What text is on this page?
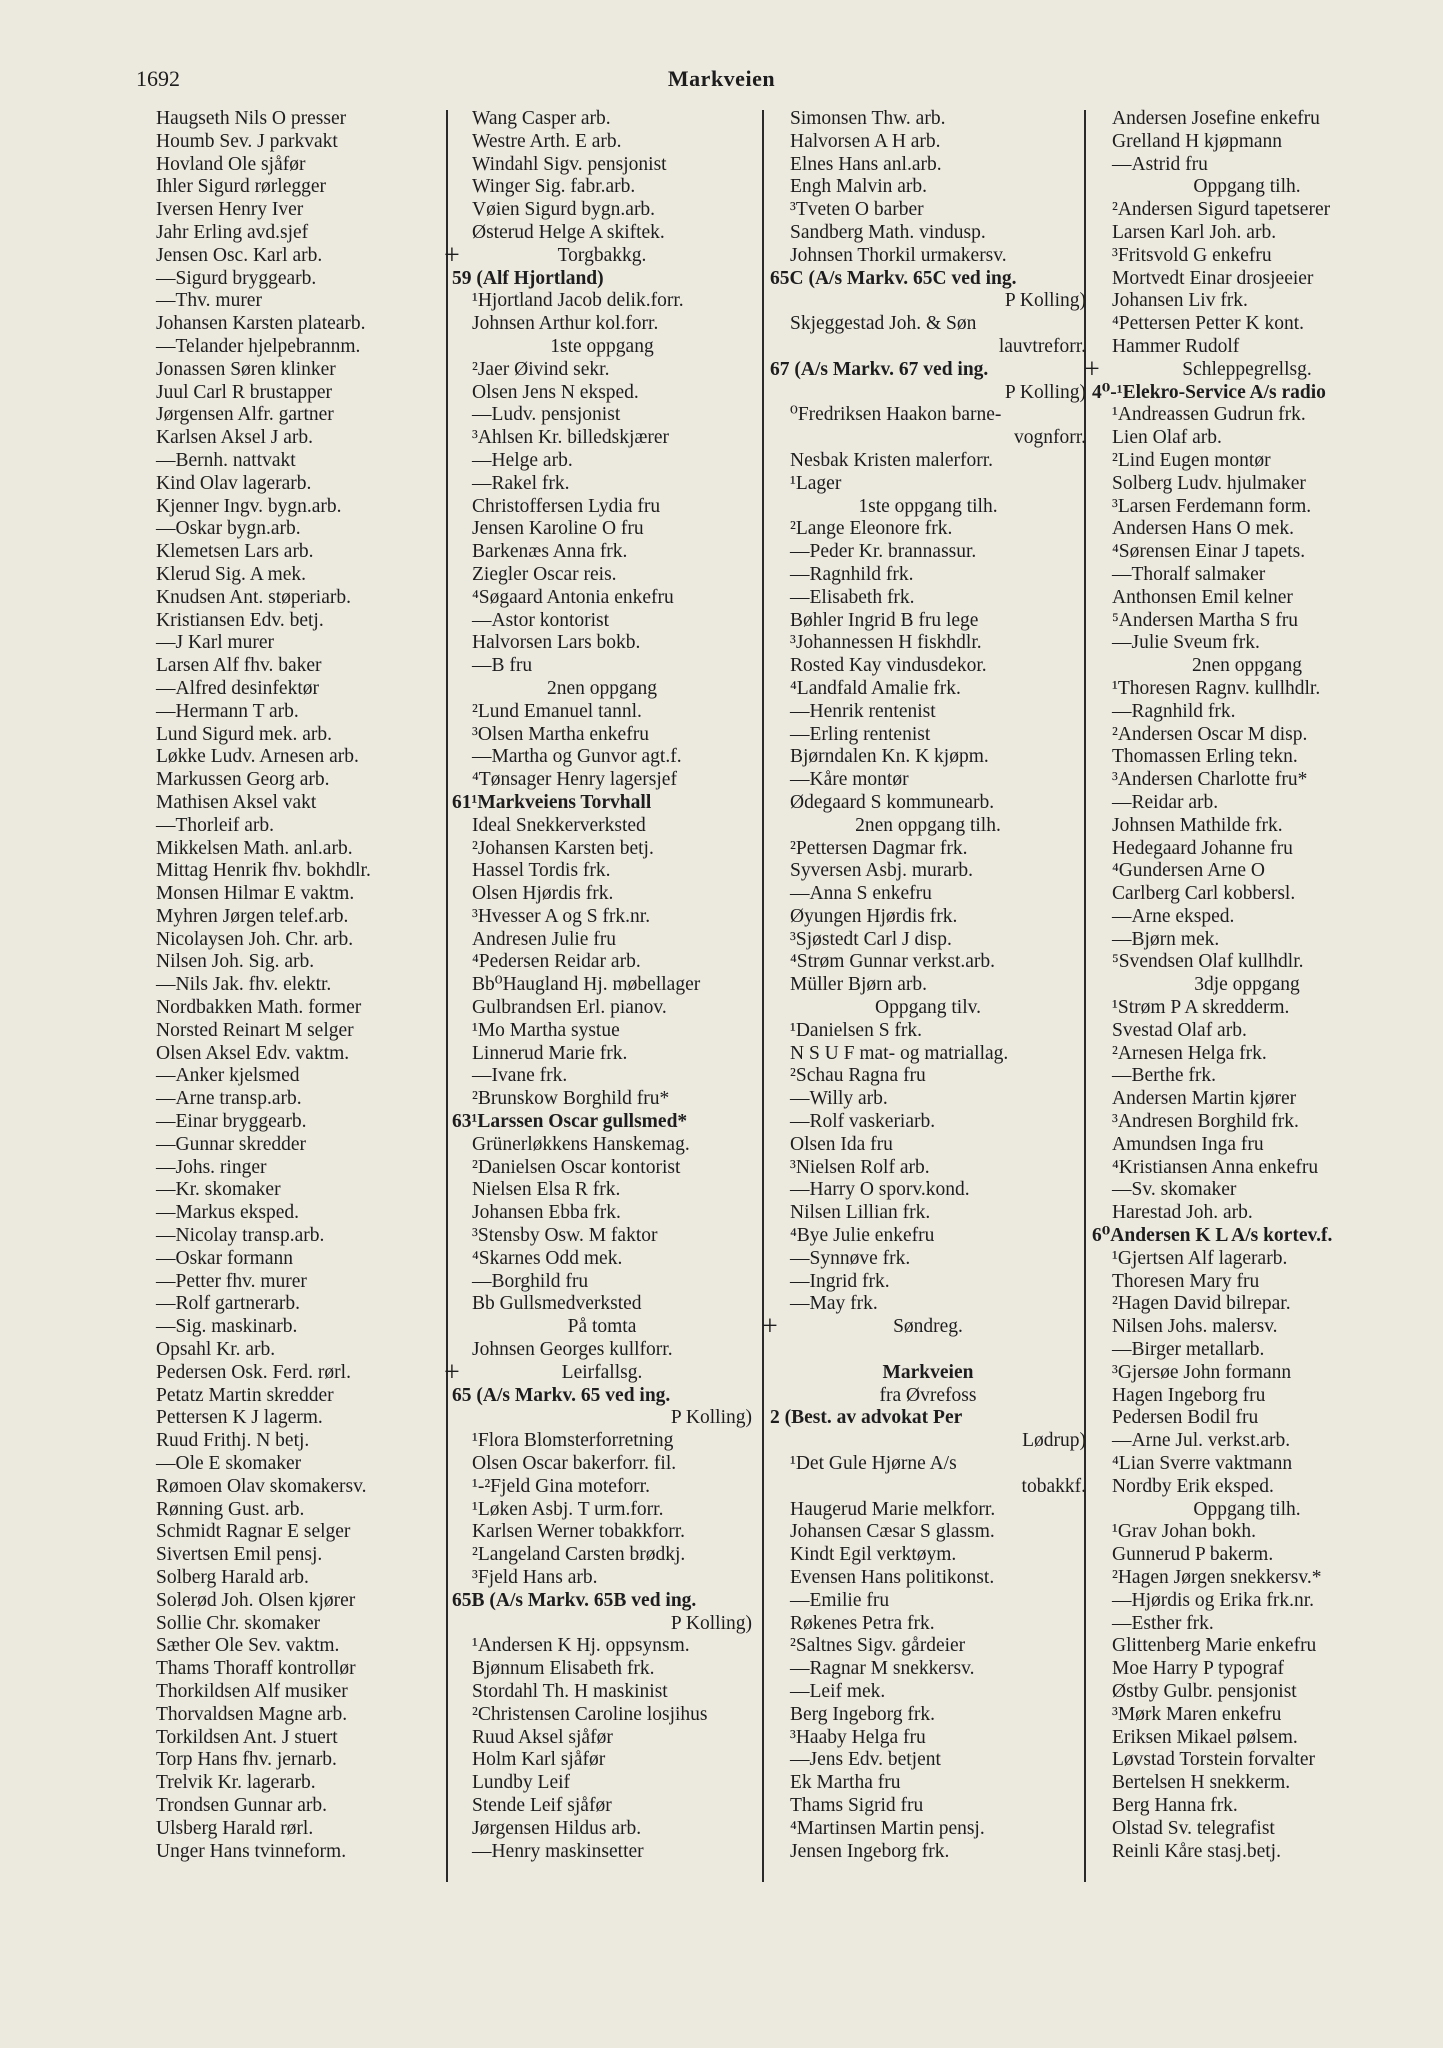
1692	Markveien
Haugseth Nils O presser
Houmb Sev. J parkvakt
Hovland Ole sjåfør
Ihler Sigurd rørlegger
Iversen Henry Iver
Jahr Erling avd.sjef
Jensen Osc. Karl arb.
—Sigurd bryggearb.
—Thv. murer
Johansen Karsten platearb.
—Telander hjelpebrannm.
Jonassen Søren klinker
Juul Carl R brustapper
Jørgensen Alfr. gartner
Karlsen Aksel J arb.
—Bernh. nattvakt
Kind Olav lagerarb.
Kjenner Ingv. bygn.arb.
—Oskar bygn.arb.
Klemetsen Lars arb.
Klerud Sig. A mek.
Knudsen Ant. støperiarb.
Kristiansen Edv. betj.
—J Karl murer
Larsen Alf fhv. baker
—Alfred desinfektør
—Hermann T arb.
Lund Sigurd mek. arb.
Løkke Ludv. Arnesen arb.
Markussen Georg arb.
Mathisen Aksel vakt
—Thorleif arb.
Mikkelsen Math. anl.arb.
Mittag Henrik fhv. bokhdlr.
Monsen Hilmar E vaktm.
Myhren Jørgen telef.arb.
Nicolaysen Joh. Chr. arb.
Nilsen Joh. Sig. arb.
—Nils Jak. fhv. elektr.
Nordbakken Math. former
Norsted Reinart M selger
Olsen Aksel Edv. vaktm.
—Anker kjelsmed
—Arne transp.arb.
—Einar bryggearb.
—Gunnar skredder
—Johs. ringer
—Kr. skomaker
—Markus eksped.
—Nicolay transp.arb.
—Oskar formann
—Petter fhv. murer
—Rolf gartnerarb.
—Sig. maskinarb.
Opsahl Kr. arb.
Pedersen Osk. Ferd. rørl.
Petatz Martin skredder
Pettersen K J lagerm.
Ruud Frithj. N betj.
—Ole E skomaker
Rømoen Olav skomakersv.
Rønning Gust. arb.
Schmidt Ragnar E selger
Sivertsen Emil pensj.
Solberg Harald arb.
Solerød Joh. Olsen kjører
Sollie Chr. skomaker
Sæther Ole Sev. vaktm.
Thams Thoraff kontrollør
Thorkildsen Alf musiker
Thorvaldsen Magne arb.
Torkildsen Ant. J stuert
Torp Hans fhv. jernarb.
Trelvik Kr. lagerarb.
Trondsen Gunnar arb.
Ulsberg Harald rørl.
Unger Hans tvinneform.
Wang Casper arb.
Westre Arth. E arb.
Windahl Sigv. pensjonist
Winger Sig. fabr.arb.
Vøien Sigurd bygn.arb.
Østerud Helge A skiftek.
+	Torgbakkg.
59 (Alf Hjortland)
¹Hjortland Jacob delik.forr.
Johnsen Arthur kol.forr.
1ste oppgang
²Jaer Øivind sekr.
Olsen Jens N eksped.
—Ludv. pensjonist
³Ahlsen Kr. billedskjærer
—Helge arb.
—Rakel frk.
Christoffersen Lydia fru
Jensen Karoline O fru
Barkenæs Anna frk.
Ziegler Oscar reis.
⁴Søgaard Antonia enkefru
—Astor kontorist
Halvorsen Lars bokb.
—B fru
2nen oppgang
²Lund Emanuel tannl.
³Olsen Martha enkefru
—Martha og Gunvor agt.f.
⁴Tønsager Henry lagersjef
61¹Markveiens Torvhall
Ideal Snekkerverksted
²Johansen Karsten betj.
Hassel Tordis frk.
Olsen Hjørdis frk.
³Hvesser A og S frk.nr.
Andresen Julie fru
⁴Pedersen Reidar arb.
Bb⁰Haugland Hj. møbellager
Gulbrandsen Erl. pianov.
¹Mo Martha systue
Linnerud Marie frk.
—Ivane frk.
²Brunskow Borghild fru*
63¹Larssen Oscar gullsmed*
Grünerløkkens Hanskemag.
²Danielsen Oscar kontorist
Nielsen Elsa R frk.
Johansen Ebba frk.
³Stensby Osw. M faktor
⁴Skarnes Odd mek.
—Borghild fru
Bb Gullsmedverksted
På tomta
Johnsen Georges kullforr.
+	Leirfallsg.
65 (A/s Markv. 65 ved ing.
P Kolling)
¹Flora Blomsterforretning
Olsen Oscar bakerforr. fil.
¹-²Fjeld Gina moteforr.
¹Løken Asbj. T urm.forr.
Karlsen Werner tobakkforr.
²Langeland Carsten brødkj.
³Fjeld Hans arb.
65B (A/s Markv. 65B ved ing.
P Kolling)
¹Andersen K Hj. oppsynsm.
Bjønnum Elisabeth frk.
Stordahl Th. H maskinist
²Christensen Caroline losjihus
Ruud Aksel sjåfør
Holm Karl sjåfør
Lundby Leif
Stende Leif sjåfør
Jørgensen Hildus arb.
—Henry maskinsetter
Simonsen Thw. arb.
Halvorsen A H arb.
Elnes Hans anl.arb.
Engh Malvin arb.
³Tveten O barber
Sandberg Math. vindusp.
Johnsen Thorkil urmakersv.
65C (A/s Markv. 65C ved ing.
P Kolling)
Skjeggestad Joh. & Søn
lauvtreforr.
67 (A/s Markv. 67 ved ing.
P Kolling)
⁰Fredriksen Haakon barne-
vognforr.
Nesbak Kristen malerforr.
¹Lager
1ste oppgang tilh.
²Lange Eleonore frk.
—Peder Kr. brannassur.
—Ragnhild frk.
—Elisabeth frk.
Bøhler Ingrid B fru lege
³Johannessen H fiskhdlr.
Rosted Kay vindusdekor.
⁴Landfald Amalie frk.
—Henrik rentenist
—Erling rentenist
Bjørndalen Kn. K kjøpm.
—Kåre montør
Ødegaard S kommunearb.
2nen oppgang tilh.
²Pettersen Dagmar frk.
Syversen Asbj. murarb.
—Anna S enkefru
Øyungen Hjørdis frk.
³Sjøstedt Carl J disp.
⁴Strøm Gunnar verkst.arb.
Müller Bjørn arb.
Oppgang tilv.
¹Danielsen S frk.
N S U F mat- og matriallag.
²Schau Ragna fru
—Willy arb.
—Rolf vaskeriarb.
Olsen Ida fru
³Nielsen Rolf arb.
—Harry O sporv.kond.
Nilsen Lillian frk.
⁴Bye Julie enkefru
—Synnøve frk.
—Ingrid frk.
—May frk.
+	Søndreg.
Markveien
fra Øvrefoss
2 (Best. av advokat Per
Lødrup)
¹Det Gule Hjørne A/s
tobakkf.
Haugerud Marie melkforr.
Johansen Cæsar S glassm.
Kindt Egil verktøym.
Evensen Hans politikonst.
—Emilie fru
Røkenes Petra frk.
²Saltnes Sigv. gårdeier
—Ragnar M snekkersv.
—Leif mek.
Berg Ingeborg frk.
³Haaby Helga fru
—Jens Edv. betjent
Ek Martha fru
Thams Sigrid fru
⁴Martinsen Martin pensj.
Jensen Ingeborg frk.
Andersen Josefine enkefru
Grelland H kjøpmann
—Astrid fru
Oppgang tilh.
²Andersen Sigurd tapetserer
Larsen Karl Joh. arb.
³Fritsvold G enkefru
Mortvedt Einar drosjeeier
Johansen Liv frk.
⁴Pettersen Petter K kont.
Hammer Rudolf
+	Schleppegrellsg.
4⁰-¹Elekro-Service A/s radio
¹Andreassen Gudrun frk.
Lien Olaf arb.
²Lind Eugen montør
Solberg Ludv. hjulmaker
³Larsen Ferdemann form.
Andersen Hans O mek.
⁴Sørensen Einar J tapets.
—Thoralf salmaker
Anthonsen Emil kelner
⁵Andersen Martha S fru
—Julie Sveum frk.
2nen oppgang
¹Thoresen Ragnv. kullhdlr.
—Ragnhild frk.
²Andersen Oscar M disp.
Thomassen Erling tekn.
³Andersen Charlotte fru*
—Reidar arb.
Johnsen Mathilde frk.
Hedegaard Johanne fru
⁴Gundersen Arne O
Carlberg Carl kobbersl.
—Arne eksped.
—Bjørn mek.
⁵Svendsen Olaf kullhdlr.
3dje oppgang
¹Strøm P A skredderm.
Svestad Olaf arb.
²Arnesen Helga frk.
—Berthe frk.
Andersen Martin kjører
³Andresen Borghild frk.
Amundsen Inga fru
⁴Kristiansen Anna enkefru
—Sv. skomaker
Harestad Joh. arb.
6⁰Andersen K L A/s kortev.f.
¹Gjertsen Alf lagerarb.
Thoresen Mary fru
²Hagen David bilrepar.
Nilsen Johs. malersv.
—Birger metallarb.
³Gjersøe John formann
Hagen Ingeborg fru
Pedersen Bodil fru
—Arne Jul. verkst.arb.
⁴Lian Sverre vaktmann
Nordby Erik eksped.
Oppgang tilh.
¹Grav Johan bokh.
Gunnerud P bakerm.
²Hagen Jørgen snekkersv.*
—Hjørdis og Erika frk.nr.
—Esther frk.
Glittenberg Marie enkefru
Moe Harry P typograf
Østby Gulbr. pensjonist
³Mørk Maren enkefru
Eriksen Mikael pølsem.
Løvstad Torstein forvalter
Bertelsen H snekkerm.
Berg Hanna frk.
Olstad Sv. telegrafist
Reinli Kåre stasj.betj.
